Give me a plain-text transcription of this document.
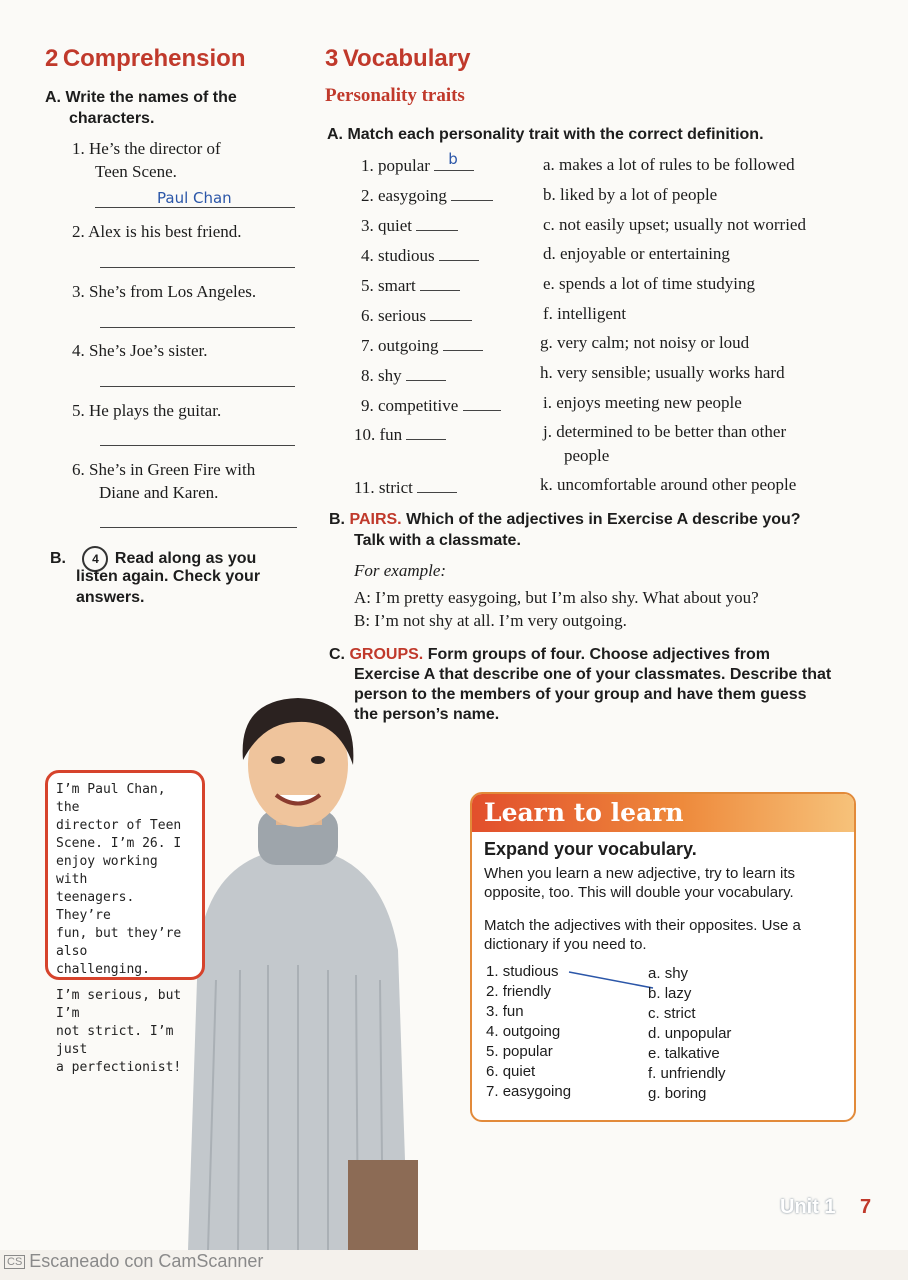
2 Comprehension
A. Write the names of the
characters.
1. He’s the director of
Teen Scene.
Paul Chan
2. Alex is his best friend.
3. She’s from Los Angeles.
4. She’s Joe’s sister.
5. He plays the guitar.
6. She’s in Green Fire with
Diane and Karen.
B. 4 Read along as you
listen again. Check your
answers.
3 Vocabulary
Personality traits
A. Match each personality trait with the correct definition.
1. popular b
2. easygoing
3. quiet
4. studious
5. smart
6. serious
7. outgoing
8. shy
9. competitive
10. fun
11. strict
a. makes a lot of rules to be followed
b. liked by a lot of people
c. not easily upset; usually not worried
d. enjoyable or entertaining
e. spends a lot of time studying
f. intelligent
g. very calm; not noisy or loud
h. very sensible; usually works hard
i. enjoys meeting new people
j. determined to be better than other
people
k. uncomfortable around other people
B. PAIRS. Which of the adjectives in Exercise A describe you?
Talk with a classmate.
For example:
A: I’m pretty easygoing, but I’m also shy. What about you?
B: I’m not shy at all. I’m very outgoing.
C. GROUPS. Form groups of four. Choose adjectives from
Exercise A that describe one of your classmates. Describe that
person to the members of your group and have them guess
the person’s name.
I’m Paul Chan, the
director of Teen
Scene. I’m 26. I
enjoy working with
teenagers. They’re
fun, but they’re also
challenging.
I’m serious, but I’m
not strict. I’m just
a perfectionist!
Learn to learn
Expand your vocabulary.
When you learn a new adjective, try to learn its
opposite, too. This will double your vocabulary.
Match the adjectives with their opposites. Use a
dictionary if you need to.
1. studious
2. friendly
3. fun
4. outgoing
5. popular
6. quiet
7. easygoing
a. shy
b. lazy
c. strict
d. unpopular
e. talkative
f. unfriendly
g. boring
Unit 1 7
CS Escaneado con CamScanner
